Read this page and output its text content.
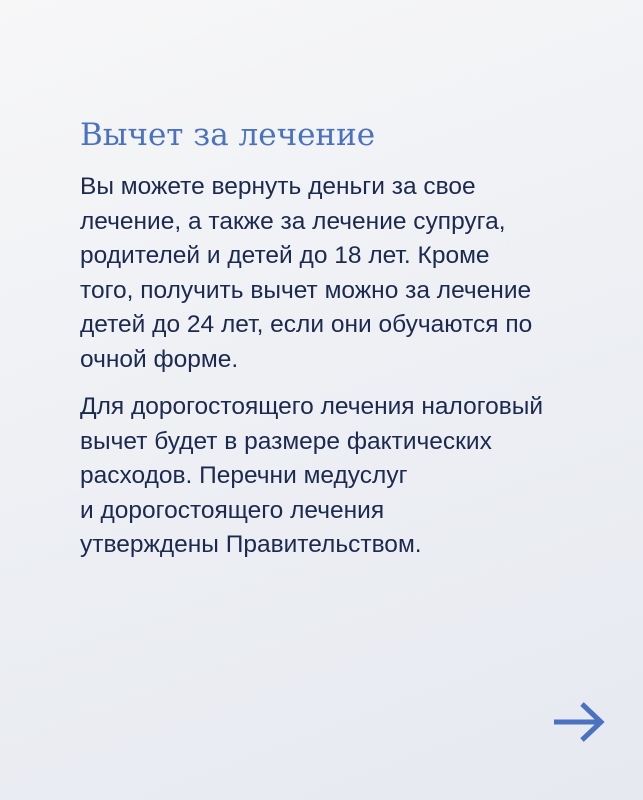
Вычет за лечение

Вы можете вернуть деньги за свое
лечение, а также за лечение супруга,
родителей и детей до 18 лет. Кроме
того, получить вычет можно за лечение
детей до 24 лет, если они обучаются по
очной форме.

Для дорогостоящего лечения налоговый
вычет будет в размере фактических
расходов. Перечни медуслуг
и дорогостоящего лечения
утверждены Правительством.
